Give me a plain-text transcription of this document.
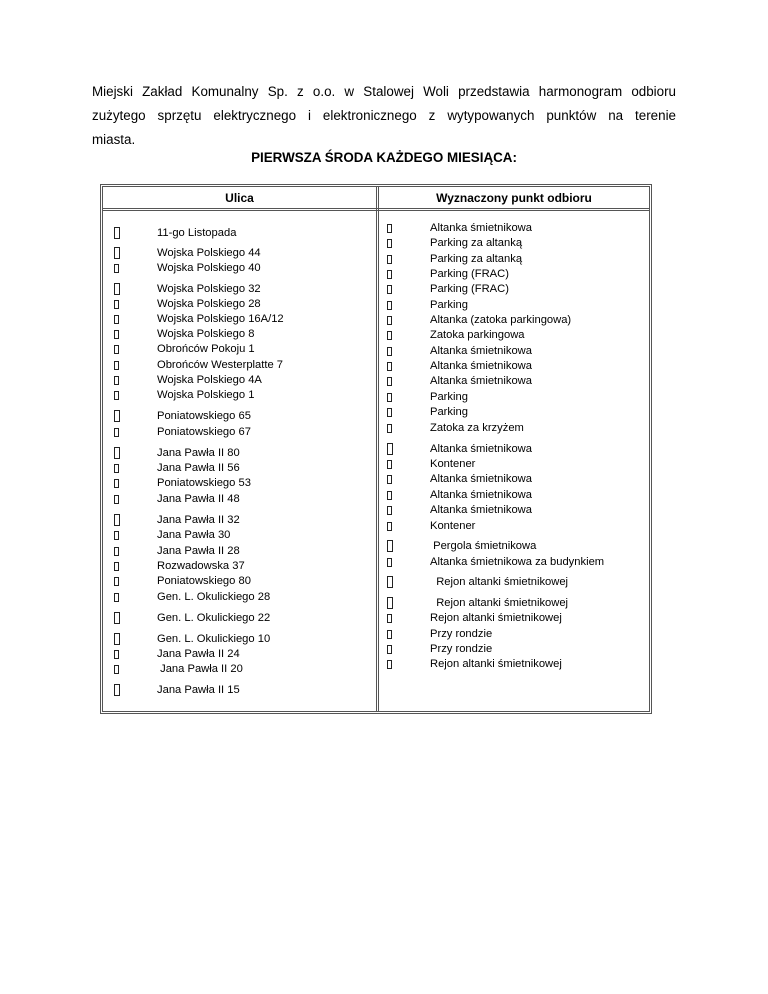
Miejski Zakład Komunalny Sp. z o.o. w Stalowej Woli przedstawia harmonogram odbioru
zużytego sprzętu elektrycznego i elektronicznego z wytypowanych punktów na terenie
miasta.
PIERWSZA ŚRODA KAŻDEGO MIESIĄCA:
Ulica	Wyznaczony punkt odbioru
11-go Listopada
Wojska Polskiego 44
Wojska Polskiego 40
Wojska Polskiego 32
Wojska Polskiego 28
Wojska Polskiego 16A/12
Wojska Polskiego 8
Obrońców Pokoju 1
Obrońców Westerplatte 7
Wojska Polskiego 4A
Wojska Polskiego 1
Poniatowskiego 65
Poniatowskiego 67
Jana Pawła II 80
Jana Pawła II 56
Poniatowskiego 53
Jana Pawła II 48
Jana Pawła II 32
Jana Pawła 30
Jana Pawła II 28
Rozwadowska 37
Poniatowskiego 80
Gen. L. Okulickiego 28
Gen. L. Okulickiego 22
Gen. L. Okulickiego 10
Jana Pawła II 24
Jana Pawła II 20
Jana Pawła II 15
Altanka śmietnikowa
Parking za altanką
Parking za altanką
Parking (FRAC)
Parking (FRAC)
Parking
Altanka (zatoka parkingowa)
Zatoka parkingowa
Altanka śmietnikowa
Altanka śmietnikowa
Altanka śmietnikowa
Parking
Parking
Zatoka za krzyżem
Altanka śmietnikowa
Kontener
Altanka śmietnikowa
Altanka śmietnikowa
Altanka śmietnikowa
Kontener
Pergola śmietnikowa
Altanka śmietnikowa za budynkiem
Rejon altanki śmietnikowej
Rejon altanki śmietnikowej
Rejon altanki śmietnikowej
Przy rondzie
Przy rondzie
Rejon altanki śmietnikowej
